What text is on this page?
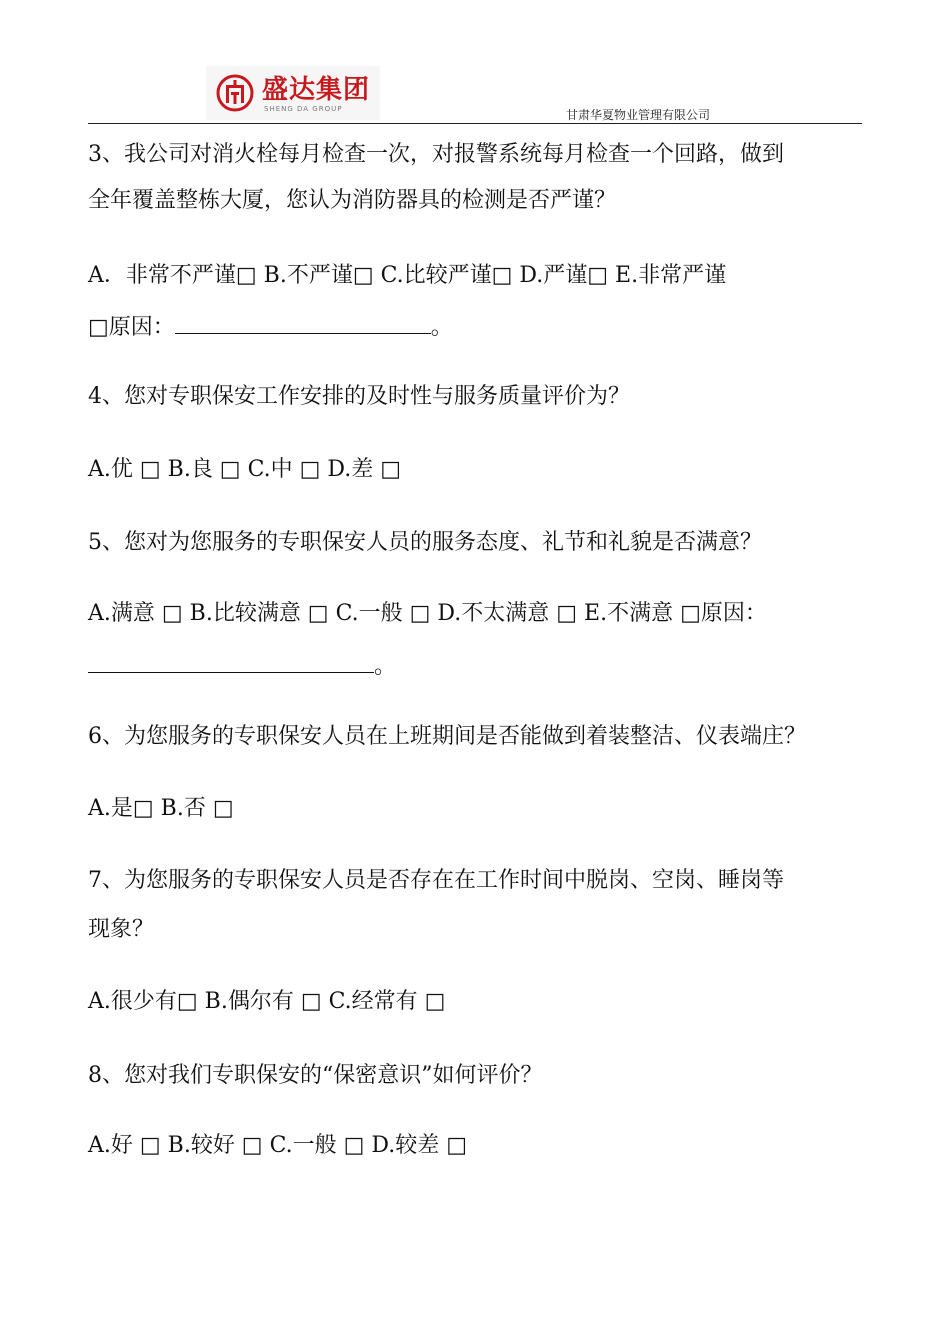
盛达集团
SHENG DA GROUP	甘肃华夏物业管理有限公司
3、我公司对消火栓每月检查一次，对报警系统每月检查一个回路，做到
全年覆盖整栋大厦，您认为消防器具的检测是否严谨？
A．非常不严谨□ B.不严谨□ C.比较严谨□ D.严谨□ E.非常严谨
□原因：	。
4、您对专职保安工作安排的及时性与服务质量评价为？
A.优 □ B.良 □ C.中 □ D.差 □
5、您对为您服务的专职保安人员的服务态度、礼节和礼貌是否满意？
A.满意 □ B.比较满意 □ C.一般 □ D.不太满意 □ E.不满意 □原因：
。
6、为您服务的专职保安人员在上班期间是否能做到着装整洁、仪表端庄？
A.是□ B.否 □
7、为您服务的专职保安人员是否存在在工作时间中脱岗、空岗、睡岗等
现象？
A.很少有□ B.偶尔有 □ C.经常有 □
8、您对我们专职保安的“保密意识”如何评价？
A.好 □ B.较好 □ C.一般 □ D.较差 □
